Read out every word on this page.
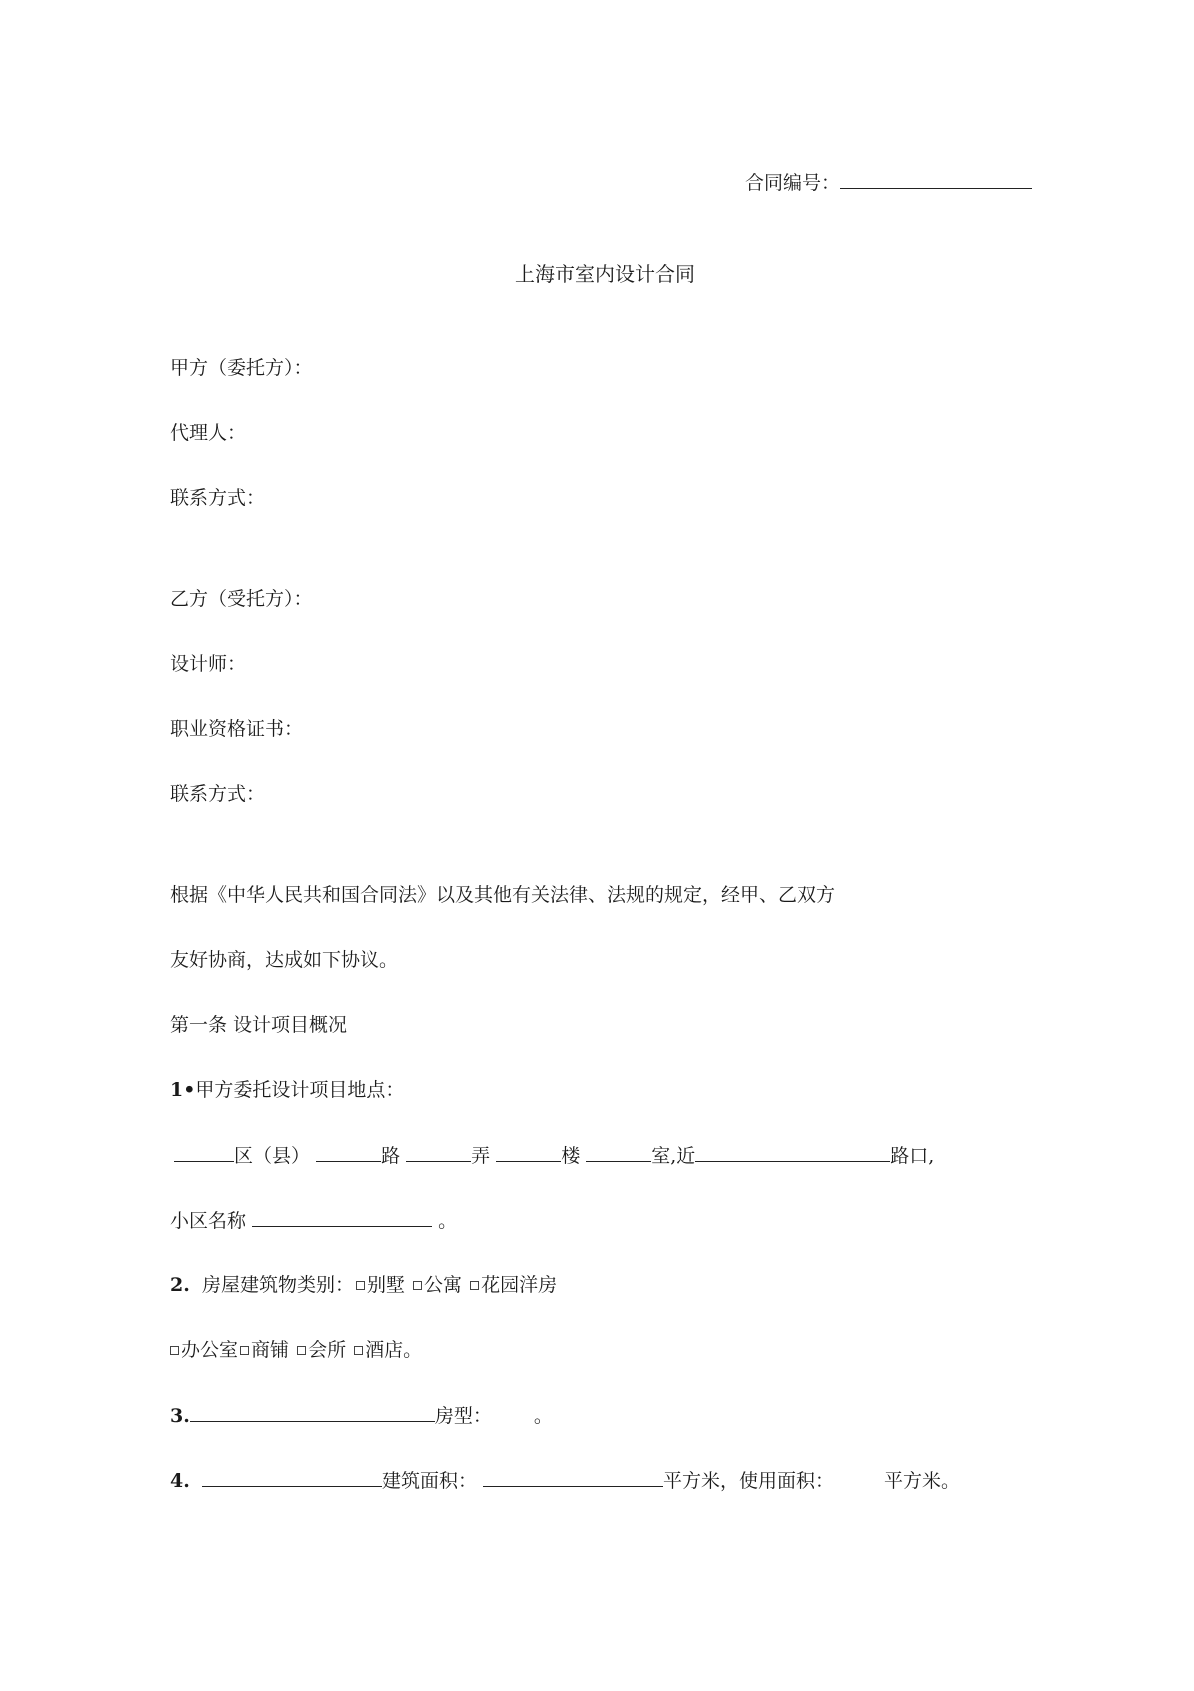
合同编号：
上海市室内设计合同
甲方（委托方）：
代理人：
联系方式：
乙方（受托方）：
设计师：
职业资格证书：
联系方式：
根据《中华人民共和国合同法》以及其他有关法律、法规的规定，经甲、乙双方
友好协商，达成如下协议。
第一条 设计项目概况
1•甲方委托设计项目地点：
区（县）	路	弄	楼	室,近	路口,
小区名称	。
2. 房屋建筑物类别： 别墅 公寓 花园洋房
办公室 商铺 会所 酒店。
3.	房型： 。
4.	建筑面积：	平方米，使用面积：	平方米。
